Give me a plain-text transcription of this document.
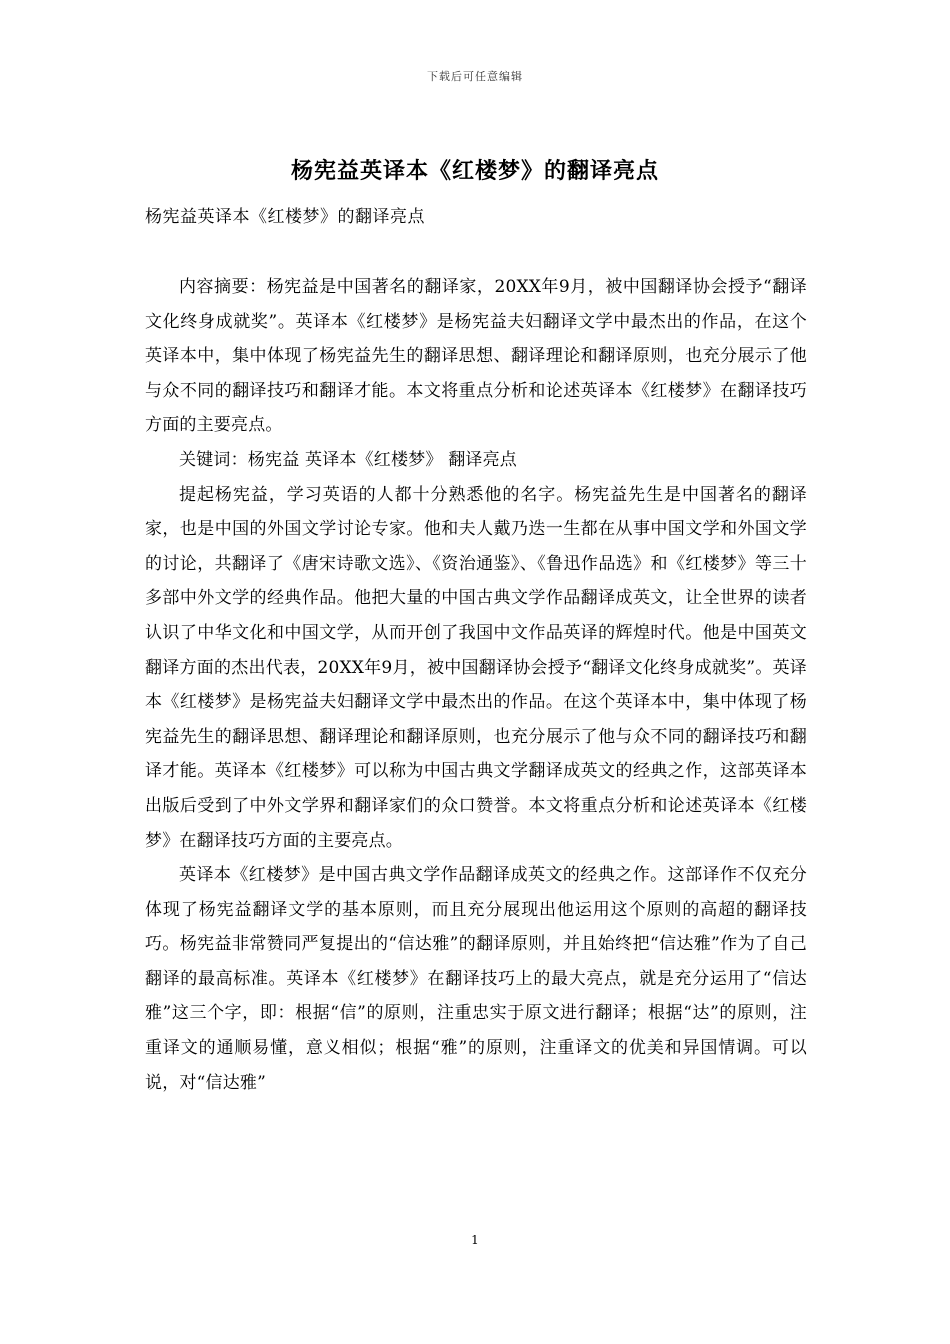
下载后可任意编辑
杨宪益英译本《红楼梦》的翻译亮点
杨宪益英译本《红楼梦》的翻译亮点

内容摘要：杨宪益是中国著名的翻译家，20XX年9月，被中国翻译协会授予“翻译文化终身成就奖”。英译本《红楼梦》是杨宪益夫妇翻译文学中最杰出的作品，在这个英译本中，集中体现了杨宪益先生的翻译思想、翻译理论和翻译原则，也充分展示了他与众不同的翻译技巧和翻译才能。本文将重点分析和论述英译本《红楼梦》在翻译技巧方面的主要亮点。

关键词：杨宪益 英译本《红楼梦》 翻译亮点

提起杨宪益，学习英语的人都十分熟悉他的名字。杨宪益先生是中国著名的翻译家，也是中国的外国文学讨论专家。他和夫人戴乃迭一生都在从事中国文学和外国文学的讨论，共翻译了《唐宋诗歌文选》、《资治通鉴》、《鲁迅作品选》和《红楼梦》等三十多部中外文学的经典作品。他把大量的中国古典文学作品翻译成英文，让全世界的读者认识了中华文化和中国文学，从而开创了我国中文作品英译的辉煌时代。他是中国英文翻译方面的杰出代表，20XX年9月，被中国翻译协会授予“翻译文化终身成就奖”。英译本《红楼梦》是杨宪益夫妇翻译文学中最杰出的作品。在这个英译本中，集中体现了杨宪益先生的翻译思想、翻译理论和翻译原则，也充分展示了他与众不同的翻译技巧和翻译才能。英译本《红楼梦》可以称为中国古典文学翻译成英文的经典之作，这部英译本出版后受到了中外文学界和翻译家们的众口赞誉。本文将重点分析和论述英译本《红楼梦》在翻译技巧方面的主要亮点。

英译本《红楼梦》是中国古典文学作品翻译成英文的经典之作。这部译作不仅充分体现了杨宪益翻译文学的基本原则，而且充分展现出他运用这个原则的高超的翻译技巧。杨宪益非常赞同严复提出的“信达雅”的翻译原则，并且始终把“信达雅”作为了自己翻译的最高标准。英译本《红楼梦》在翻译技巧上的最大亮点，就是充分运用了“信达雅”这三个字，即：根据“信”的原则，注重忠实于原文进行翻译；根据“达”的原则，注重译文的通顺易懂，意义相似；根据“雅”的原则，注重译文的优美和异国情调。可以说，对“信达雅”

1
